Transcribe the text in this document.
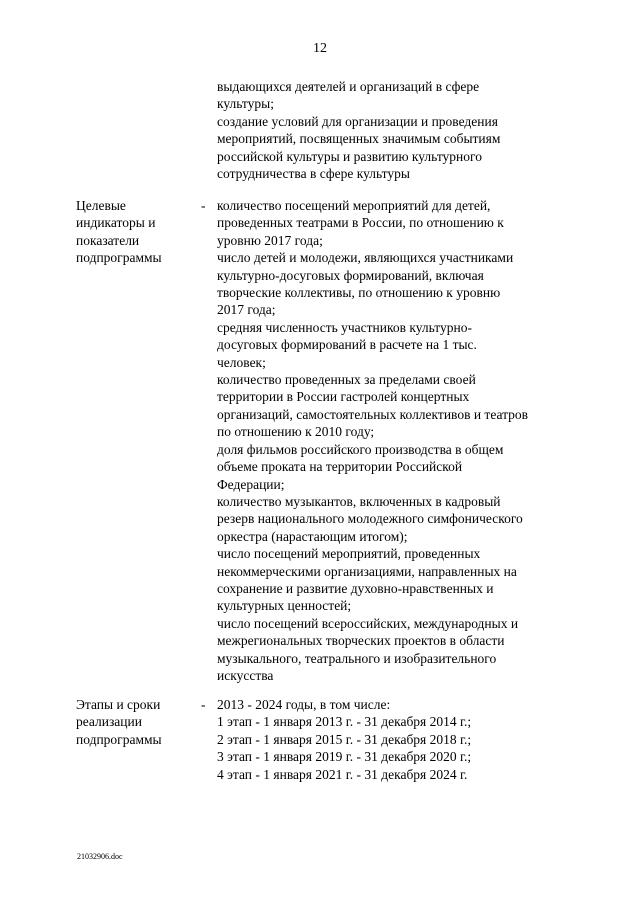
12
выдающихся деятелей и организаций в сфере
культуры;
создание условий для организации и проведения
мероприятий, посвященных значимым событиям
российской культуры и развитию культурного
сотрудничества в сфере культуры
Целевые
индикаторы и
показатели
подпрограммы
- количество посещений мероприятий для детей,
проведенных театрами в России, по отношению к
уровню 2017 года;
число детей и молодежи, являющихся участниками
культурно-досуговых формирований, включая
творческие коллективы, по отношению к уровню
2017 года;
средняя численность участников культурно-
досуговых формирований в расчете на 1 тыс.
человек;
количество проведенных за пределами своей
территории в России гастролей концертных
организаций, самостоятельных коллективов и театров
по отношению к 2010 году;
доля фильмов российского производства в общем
объеме проката на территории Российской
Федерации;
количество музыкантов, включенных в кадровый
резерв национального молодежного симфонического
оркестра (нарастающим итогом);
число посещений мероприятий, проведенных
некоммерческими организациями, направленных на
сохранение и развитие духовно-нравственных и
культурных ценностей;
число посещений всероссийских, международных и
межрегиональных творческих проектов в области
музыкального, театрального и изобразительного
искусства
Этапы и сроки
реализации
подпрограммы
- 2013 - 2024 годы, в том числе:
1 этап - 1 января 2013 г. - 31 декабря 2014 г.;
2 этап - 1 января 2015 г. - 31 декабря 2018 г.;
3 этап - 1 января 2019 г. - 31 декабря 2020 г.;
4 этап - 1 января 2021 г. - 31 декабря 2024 г.
21032906.doc
